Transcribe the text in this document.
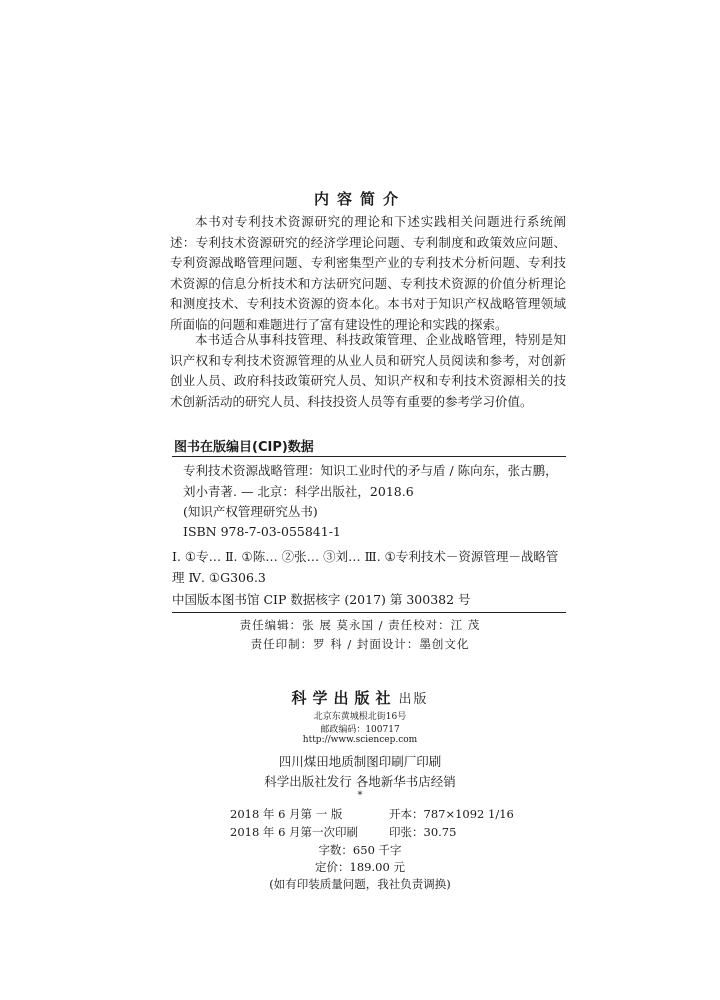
内容简介
本书对专利技术资源研究的理论和下述实践相关问题进行系统阐述：专利技术资源研究的经济学理论问题、专利制度和政策效应问题、专利资源战略管理问题、专利密集型产业的专利技术分析问题、专利技术资源的信息分析技术和方法研究问题、专利技术资源的价值分析理论和测度技术、专利技术资源的资本化。本书对于知识产权战略管理领域所面临的问题和难题进行了富有建设性的理论和实践的探索。
本书适合从事科技管理、科技政策管理、企业战略管理，特别是知识产权和专利技术资源管理的从业人员和研究人员阅读和参考，对创新创业人员、政府科技政策研究人员、知识产权和专利技术资源相关的技术创新活动的研究人员、科技投资人员等有重要的参考学习价值。
图书在版编目(CIP)数据
专利技术资源战略管理：知识工业时代的矛与盾 / 陈向东，张古鹏，刘小青著. — 北京：科学出版社，2018.6
(知识产权管理研究丛书)
ISBN 978-7-03-055841-1
Ⅰ. ①专… Ⅱ. ①陈… ②张… ③刘… Ⅲ. ①专利技术－资源管理－战略管理 Ⅳ. ①G306.3
中国版本图书馆 CIP 数据核字 (2017) 第 300382 号
责任编辑：张 展 莫永国 / 责任校对：江 茂
责任印制：罗 科 / 封面设计：墨创文化
科学出版社 出版
北京东黄城根北街16号
邮政编码：100717
http://www.sciencep.com
四川煤田地质制图印刷厂印刷
科学出版社发行 各地新华书店经销
*
2018 年 6 月第 一 版	开本：787×1092 1/16
2018 年 6 月第一次印刷	印张：30.75
字数：650 千字
定价：189.00 元
(如有印装质量问题，我社负责调换)
